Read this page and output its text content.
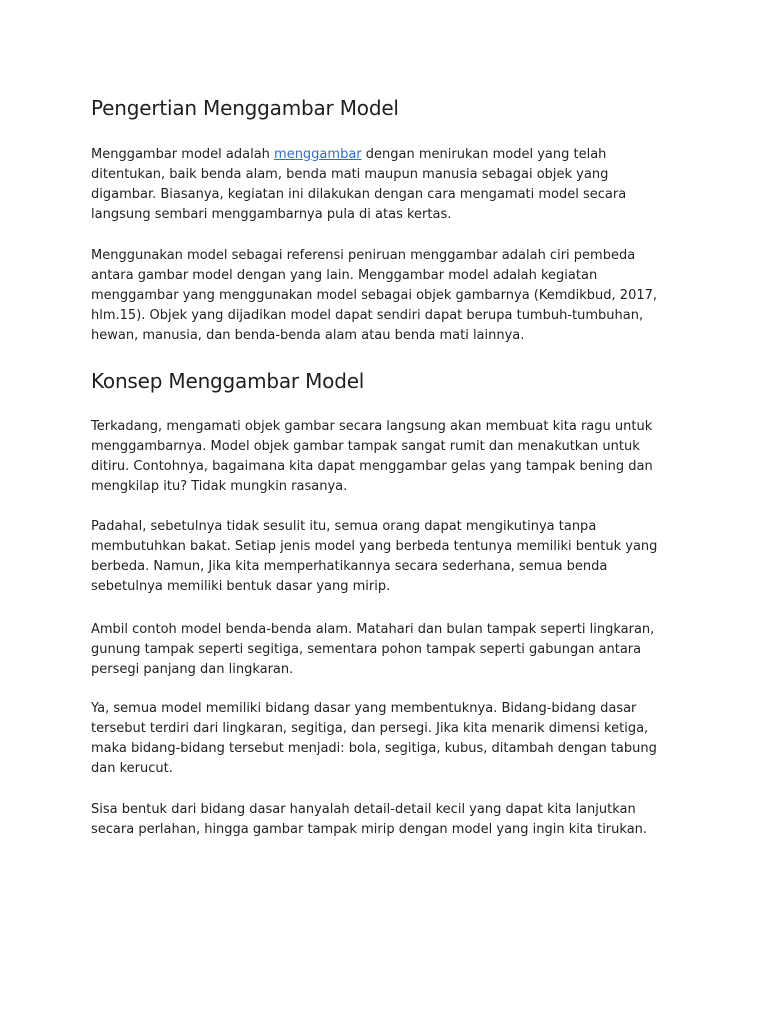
Pengertian Menggambar Model

Menggambar model adalah menggambar dengan menirukan model yang telah
ditentukan, baik benda alam, benda mati maupun manusia sebagai objek yang
digambar. Biasanya, kegiatan ini dilakukan dengan cara mengamati model secara
langsung sembari menggambarnya pula di atas kertas.

Menggunakan model sebagai referensi peniruan menggambar adalah ciri pembeda
antara gambar model dengan yang lain. Menggambar model adalah kegiatan
menggambar yang menggunakan model sebagai objek gambarnya (Kemdikbud, 2017,
hlm.15). Objek yang dijadikan model dapat sendiri dapat berupa tumbuh-tumbuhan,
hewan, manusia, dan benda-benda alam atau benda mati lainnya.

Konsep Menggambar Model

Terkadang, mengamati objek gambar secara langsung akan membuat kita ragu untuk
menggambarnya. Model objek gambar tampak sangat rumit dan menakutkan untuk
ditiru. Contohnya, bagaimana kita dapat menggambar gelas yang tampak bening dan
mengkilap itu? Tidak mungkin rasanya.

Padahal, sebetulnya tidak sesulit itu, semua orang dapat mengikutinya tanpa
membutuhkan bakat. Setiap jenis model yang berbeda tentunya memiliki bentuk yang
berbeda. Namun, Jika kita memperhatikannya secara sederhana, semua benda
sebetulnya memiliki bentuk dasar yang mirip.

Ambil contoh model benda-benda alam. Matahari dan bulan tampak seperti lingkaran,
gunung tampak seperti segitiga, sementara pohon tampak seperti gabungan antara
persegi panjang dan lingkaran.

Ya, semua model memiliki bidang dasar yang membentuknya. Bidang-bidang dasar
tersebut terdiri dari lingkaran, segitiga, dan persegi. Jika kita menarik dimensi ketiga,
maka bidang-bidang tersebut menjadi: bola, segitiga, kubus, ditambah dengan tabung
dan kerucut.

Sisa bentuk dari bidang dasar hanyalah detail-detail kecil yang dapat kita lanjutkan
secara perlahan, hingga gambar tampak mirip dengan model yang ingin kita tirukan.
